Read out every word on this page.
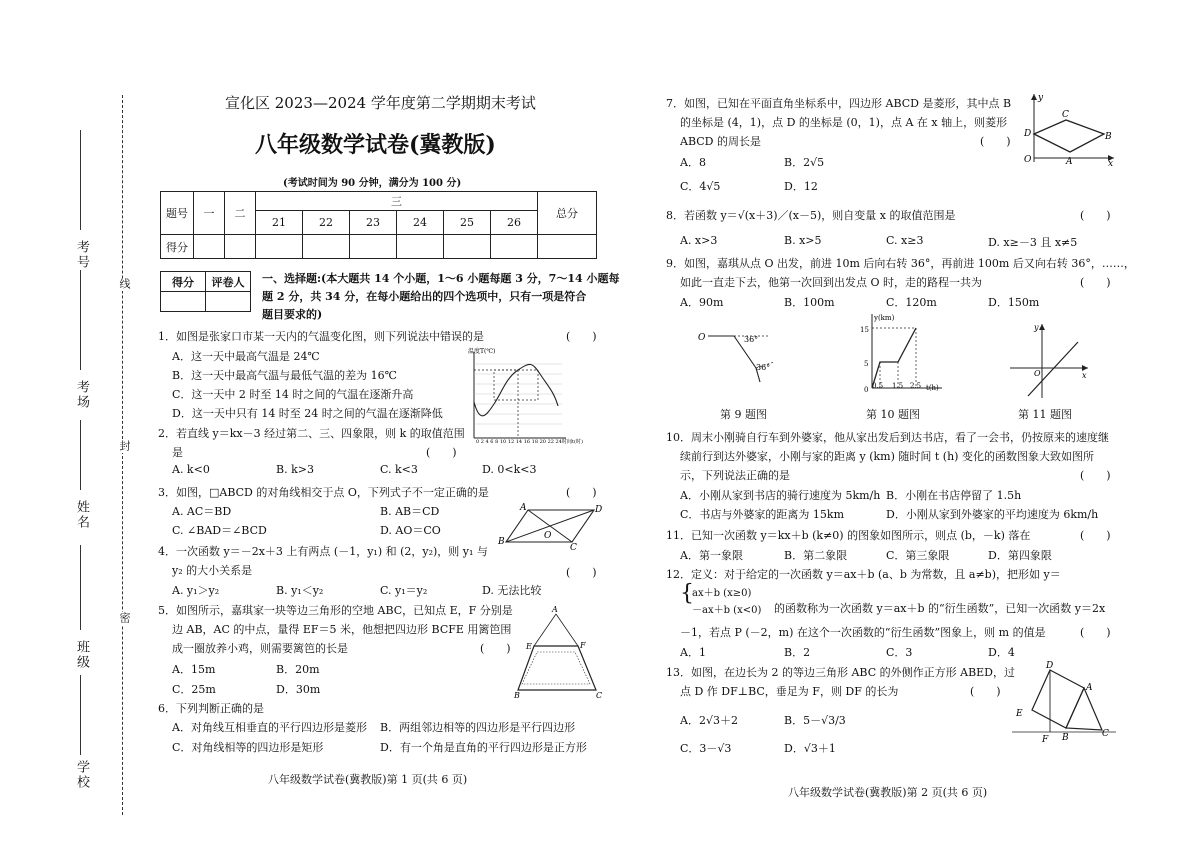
考号
考场
姓名
班级
学校
线
封
密
宣化区 2023—2024 学年度第二学期期末考试
八年级数学试卷(冀教版)
(考试时间为 90 分钟，满分为 100 分)
题号	一	二	三						总分
			21	22	23	24	25	26	
得分									
得分	评卷人
	一、选择题:(本大题共 14 个小题，1～6 小题每题 3 分，7～14 小题每
题 2 分，共 34 分，在每小题给出的四个选项中，只有一项是符合
题目要求的)
1．如图是张家口市某一天内的气温变化图，则下列说法中错误的是	(　　)
A．这一天中最高气温是 24℃
B．这一天中最高气温与最低气温的差为 16℃
C．这一天中 2 时至 14 时之间的气温在逐渐升高
D．这一天中只有 14 时至 24 时之间的气温在逐渐降低
温度T(℃)
0 2 4 6 8 10 12 14 16 18 20 22 24 时间t(时)
2．若直线 y＝kx－3 经过第二、三、四象限，则 k 的取值范围
是	(　　)
A. k<0	B. k>3	C. k<3	D. 0<k<3
3．如图，□ABCD 的对角线相交于点 O，下列式子不一定正确的是	(　　)
A. AC＝BD	B. AB＝CD
C. ∠BAD＝∠BCD	D. AO＝CO
A	D
B
C
O
4．一次函数 y＝－2x＋3 上有两点 (－1，y₁) 和 (2，y₂)，则 y₁ 与
y₂ 的大小关系是	(　　)
A. y₁＞y₂	B. y₁＜y₂	C. y₁＝y₂	D. 无法比较
5．如图所示，嘉琪家一块等边三角形的空地 ABC，已知点 E，F 分别是
边 AB，AC 的中点，量得 EF＝5 米，他想把四边形 BCFE 用篱笆围
成一圈放养小鸡，则需要篱笆的长是	(　　)
A．15m	B．20m
C．25m	D．30m
A
E	F
B	C
6．下列判断正确的是
A．对角线互相垂直的平行四边形是菱形 B．两组邻边相等的四边形是平行四边形
C．对角线相等的四边形是矩形	D．有一个角是直角的平行四边形是正方形
八年级数学试卷(冀教版)第 1 页(共 6 页)
7．如图，已知在平面直角坐标系中，四边形 ABCD 是菱形，其中点 B
的坐标是 (4，1)，点 D 的坐标是 (0，1)，点 A 在 x 轴上，则菱形
ABCD 的周长是	(　　)
A．8	B．2√5
C．4√5	D．12
x
y
O
D
C
B
A
8．若函数 y＝√(x＋3)／(x－5)，则自变量 x 的取值范围是	(　　)
A. x>3	B. x>5	C. x≥3	D. x≥－3 且 x≠5
9．如图，嘉琪从点 O 出发，前进 10m 后向右转 36°，再前进 100m 后又向右转 36°，……，
如此一直走下去，他第一次回到出发点 O 时，走的路程一共为	(　　)
A．90m	B．100m	C．120m	D．150m
O	36°
36°
y(km)
t(h)
15
5
0 0.5 1.5 2.5
x
y
O
第 9 题图	第 10 题图	第 11 题图
10．周末小刚骑自行车到外婆家，他从家出发后到达书店，看了一会书，仍按原来的速度继
续前行到达外婆家，小刚与家的距离 y (km) 随时间 t (h) 变化的函数图象大致如图所
示，下列说法正确的是	(　　)
A．小刚从家到书店的骑行速度为 5km/h B．小刚在书店停留了 1.5h
C．书店与外婆家的距离为 15km	D．小刚从家到外婆家的平均速度为 6km/h
11．已知一次函数 y＝kx＋b (k≠0) 的图象如图所示，则点 (b，－k) 落在	(　　)
A．第一象限	B．第二象限	C．第三象限	D．第四象限
12．定义：对于给定的一次函数 y＝ax＋b (a、b 为常数，且 a≠b)，把形如 y＝
{
ax＋b (x≥0)
－ax＋b (x<0) 的函数称为一次函数 y＝ax＋b 的“衍生函数”，已知一次函数 y＝2x
－1，若点 P (－2，m) 在这个一次函数的“衍生函数”图象上，则 m 的值是	(　　)
A．1	B．2	C．3	D．4
13．如图，在边长为 2 的等边三角形 ABC 的外侧作正方形 ABED，过
点 D 作 DF⊥BC，垂足为 F，则 DF 的长为	(　　)
A．2√3＋2	B．5－√3/3
C．3－√3	D．√3＋1
D
A
E
F B	C
八年级数学试卷(冀教版)第 2 页(共 6 页)
